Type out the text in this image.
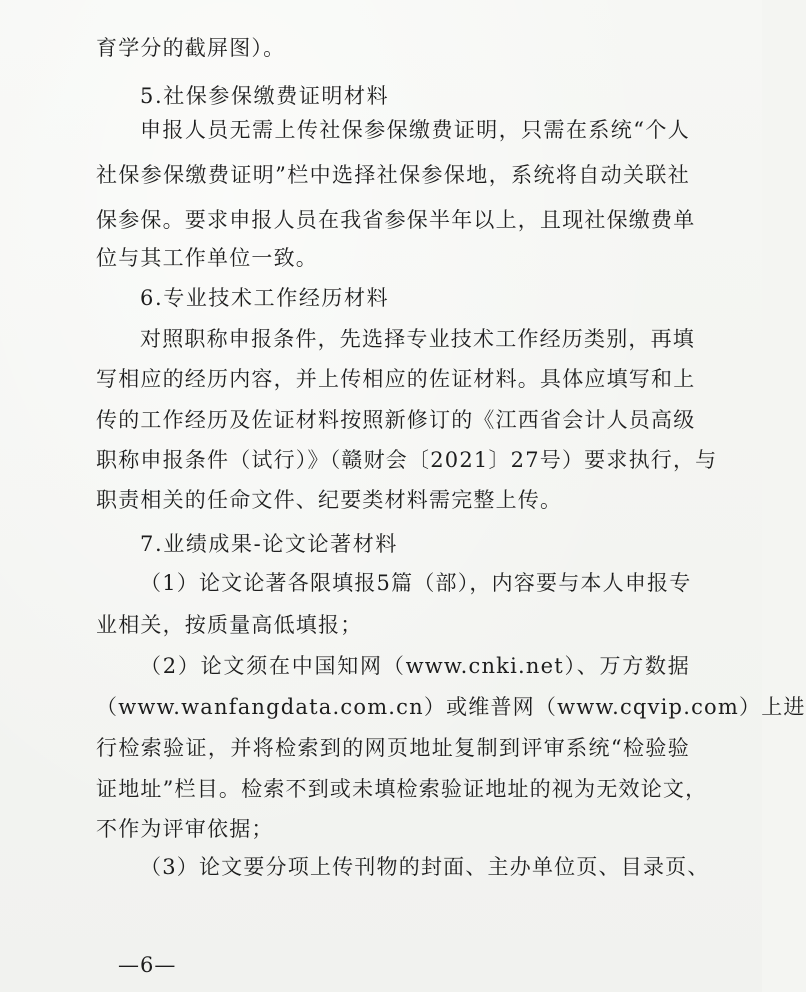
育学分的截屏图）。
5.社保参保缴费证明材料
申报人员无需上传社保参保缴费证明，只需在系统“个人
社保参保缴费证明”栏中选择社保参保地，系统将自动关联社
保参保。要求申报人员在我省参保半年以上，且现社保缴费单
位与其工作单位一致。
6.专业技术工作经历材料
对照职称申报条件，先选择专业技术工作经历类别，再填
写相应的经历内容，并上传相应的佐证材料。具体应填写和上
传的工作经历及佐证材料按照新修订的《江西省会计人员高级
职称申报条件（试行）》（赣财会〔2021〕27号）要求执行，与
职责相关的任命文件、纪要类材料需完整上传。
7.业绩成果-论文论著材料
（1）论文论著各限填报5篇（部），内容要与本人申报专
业相关，按质量高低填报；
（2）论文须在中国知网（www.cnki.net）、万方数据
（www.wanfangdata.com.cn）或维普网（www.cqvip.com）上进
行检索验证，并将检索到的网页地址复制到评审系统“检验验
证地址”栏目。检索不到或未填检索验证地址的视为无效论文，
不作为评审依据；
（3）论文要分项上传刊物的封面、主办单位页、目录页、
—6—
